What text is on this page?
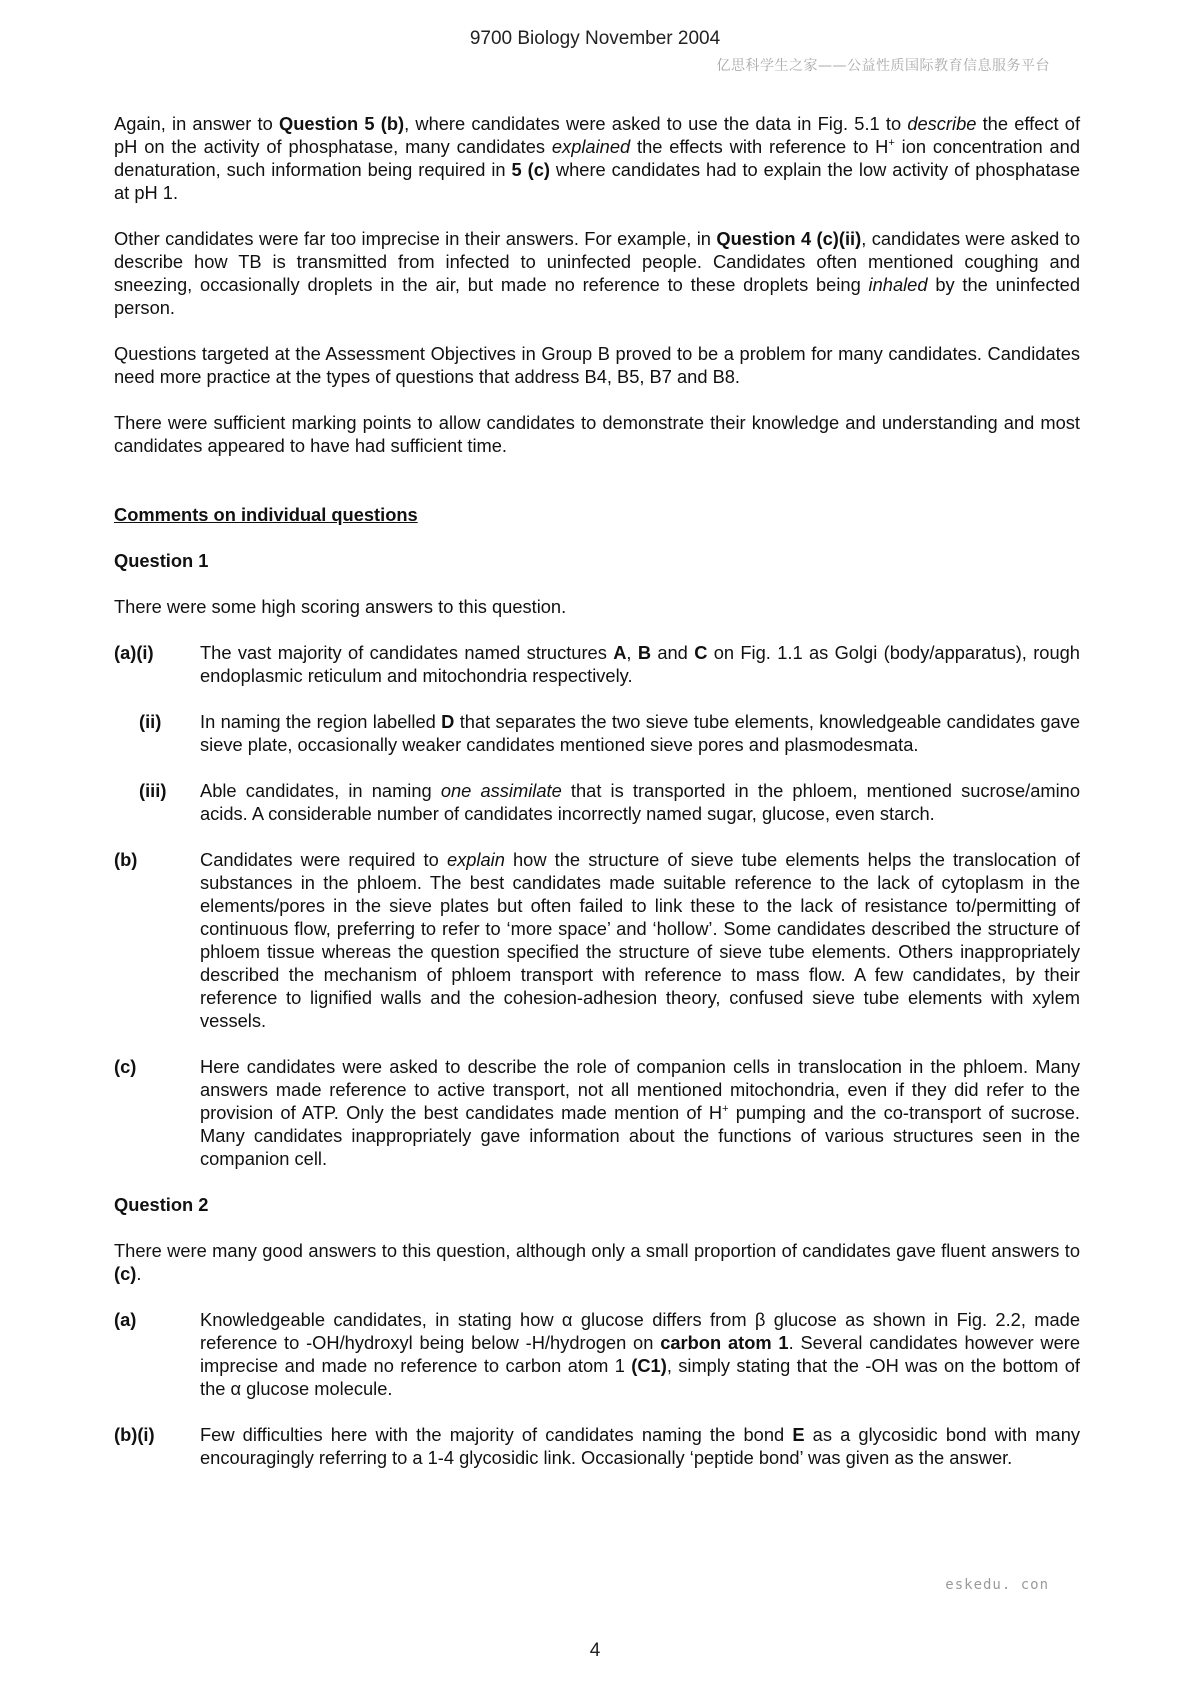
9700 Biology November 2004
亿思科学生之家——公益性质国际教育信息服务平台

Again, in answer to Question 5 (b), where candidates were asked to use the data in Fig. 5.1 to describe the effect of pH on the activity of phosphatase, many candidates explained the effects with reference to H+ ion concentration and denaturation, such information being required in 5 (c) where candidates had to explain the low activity of phosphatase at pH 1.

Other candidates were far too imprecise in their answers. For example, in Question 4 (c)(ii), candidates were asked to describe how TB is transmitted from infected to uninfected people. Candidates often mentioned coughing and sneezing, occasionally droplets in the air, but made no reference to these droplets being inhaled by the uninfected person.

Questions targeted at the Assessment Objectives in Group B proved to be a problem for many candidates. Candidates need more practice at the types of questions that address B4, B5, B7 and B8.

There were sufficient marking points to allow candidates to demonstrate their knowledge and understanding and most candidates appeared to have had sufficient time.

Comments on individual questions

Question 1

There were some high scoring answers to this question.

(a)(i)	The vast majority of candidates named structures A, B and C on Fig. 1.1 as Golgi (body/apparatus), rough endoplasmic reticulum and mitochondria respectively.
(ii)	In naming the region labelled D that separates the two sieve tube elements, knowledgeable candidates gave sieve plate, occasionally weaker candidates mentioned sieve pores and plasmodesmata.
(iii)	Able candidates, in naming one assimilate that is transported in the phloem, mentioned sucrose/amino acids. A considerable number of candidates incorrectly named sugar, glucose, even starch.
(b)	Candidates were required to explain how the structure of sieve tube elements helps the translocation of substances in the phloem. The best candidates made suitable reference to the lack of cytoplasm in the elements/pores in the sieve plates but often failed to link these to the lack of resistance to/permitting of continuous flow, preferring to refer to ‘more space’ and ‘hollow’. Some candidates described the structure of phloem tissue whereas the question specified the structure of sieve tube elements. Others inappropriately described the mechanism of phloem transport with reference to mass flow. A few candidates, by their reference to lignified walls and the cohesion-adhesion theory, confused sieve tube elements with xylem vessels.
(c)	Here candidates were asked to describe the role of companion cells in translocation in the phloem. Many answers made reference to active transport, not all mentioned mitochondria, even if they did refer to the provision of ATP. Only the best candidates made mention of H+ pumping and the co-transport of sucrose. Many candidates inappropriately gave information about the functions of various structures seen in the companion cell.

Question 2

There were many good answers to this question, although only a small proportion of candidates gave fluent answers to (c).

(a)	Knowledgeable candidates, in stating how α glucose differs from β glucose as shown in Fig. 2.2, made reference to -OH/hydroxyl being below -H/hydrogen on carbon atom 1. Several candidates however were imprecise and made no reference to carbon atom 1 (C1), simply stating that the -OH was on the bottom of the α glucose molecule.
(b)(i)	Few difficulties here with the majority of candidates naming the bond E as a glycosidic bond with many encouragingly referring to a 1-4 glycosidic link. Occasionally ‘peptide bond’ was given as the answer.
eskedu. con
4
